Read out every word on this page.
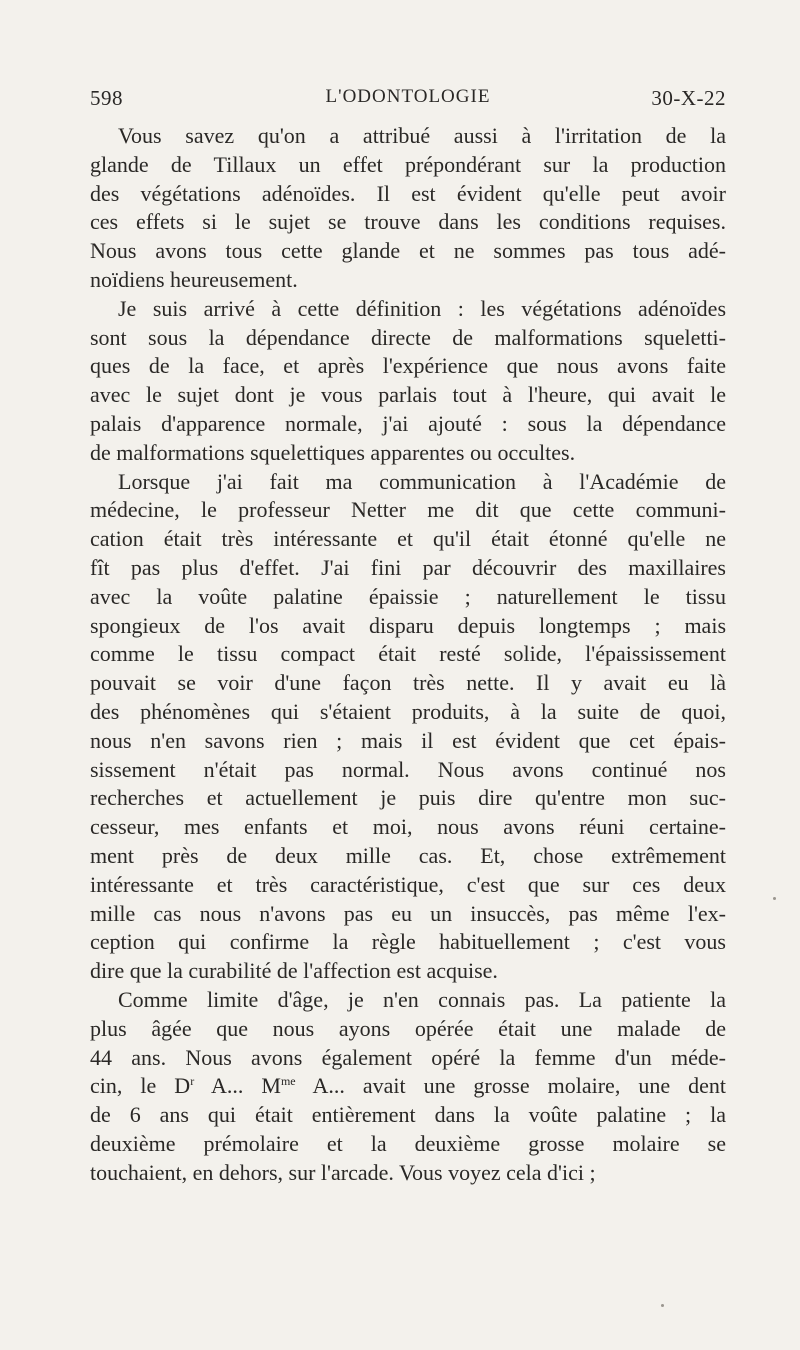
598	L'ODONTOLOGIE	30-X-22

Vous savez qu'on a attribué aussi à l'irritation de la
glande de Tillaux un effet prépondérant sur la production
des végétations adénoïdes. Il est évident qu'elle peut avoir
ces effets si le sujet se trouve dans les conditions requises.
Nous avons tous cette glande et ne sommes pas tous adé-
noïdiens heureusement.

Je suis arrivé à cette définition : les végétations adénoïdes
sont sous la dépendance directe de malformations squeletti-
ques de la face, et après l'expérience que nous avons faite
avec le sujet dont je vous parlais tout à l'heure, qui avait le
palais d'apparence normale, j'ai ajouté : sous la dépendance
de malformations squelettiques apparentes ou occultes.

Lorsque j'ai fait ma communication à l'Académie de
médecine, le professeur Netter me dit que cette communi-
cation était très intéressante et qu'il était étonné qu'elle ne
fît pas plus d'effet. J'ai fini par découvrir des maxillaires
avec la voûte palatine épaissie ; naturellement le tissu
spongieux de l'os avait disparu depuis longtemps ; mais
comme le tissu compact était resté solide, l'épaississement
pouvait se voir d'une façon très nette. Il y avait eu là
des phénomènes qui s'étaient produits, à la suite de quoi,
nous n'en savons rien ; mais il est évident que cet épais-
sissement n'était pas normal. Nous avons continué nos
recherches et actuellement je puis dire qu'entre mon suc-
cesseur, mes enfants et moi, nous avons réuni certaine-
ment près de deux mille cas. Et, chose extrêmement
intéressante et très caractéristique, c'est que sur ces deux
mille cas nous n'avons pas eu un insuccès, pas même l'ex-
ception qui confirme la règle habituellement ; c'est vous
dire que la curabilité de l'affection est acquise.

Comme limite d'âge, je n'en connais pas. La patiente la
plus âgée que nous ayons opérée était une malade de
44 ans. Nous avons également opéré la femme d'un méde-
cin, le $D^r$ A... $M^{me}$ A... avait une grosse molaire, une dent
de 6 ans qui était entièrement dans la voûte palatine ; la
deuxième prémolaire et la deuxième grosse molaire se
touchaient, en dehors, sur l'arcade. Vous voyez cela d'ici ;
